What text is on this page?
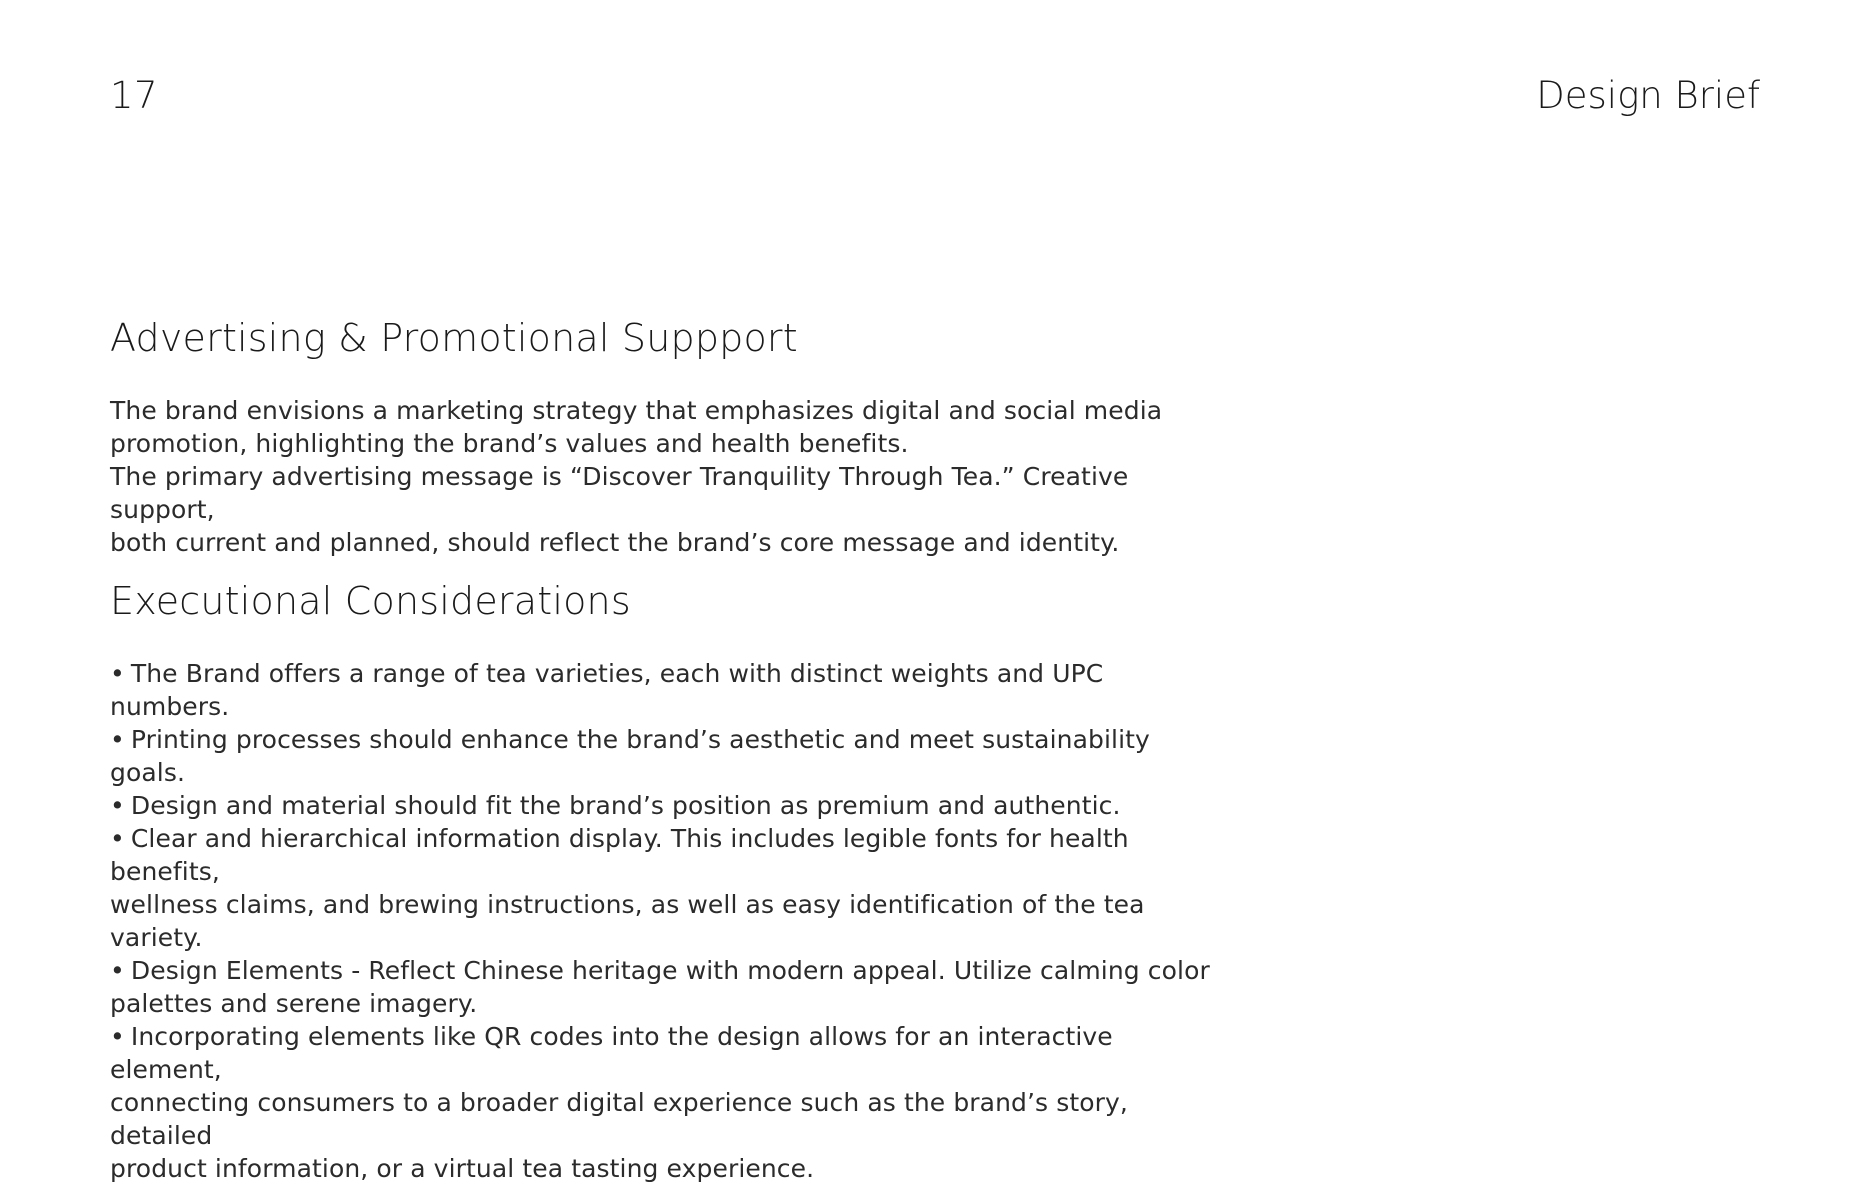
17	Design Brief
Advertising & Promotional Suppport

The brand envisions a marketing strategy that emphasizes digital and social media
promotion, highlighting the brand’s values and health benefits.
The primary advertising message is “Discover Tranquility Through Tea.” Creative support,
both current and planned, should reflect the brand’s core message and identity.

Executional Considerations
• The Brand offers a range of tea varieties, each with distinct weights and UPC numbers.
• Printing processes should enhance the brand’s aesthetic and meet sustainability goals.
• Design and material should fit the brand’s position as premium and authentic.
• Clear and hierarchical information display. This includes legible fonts for health benefits,
wellness claims, and brewing instructions, as well as easy identification of the tea variety.
• Design Elements - Reflect Chinese heritage with modern appeal. Utilize calming color
palettes and serene imagery.
• Incorporating elements like QR codes into the design allows for an interactive element,
connecting consumers to a broader digital experience such as the brand’s story, detailed
product information, or a virtual tea tasting experience.
